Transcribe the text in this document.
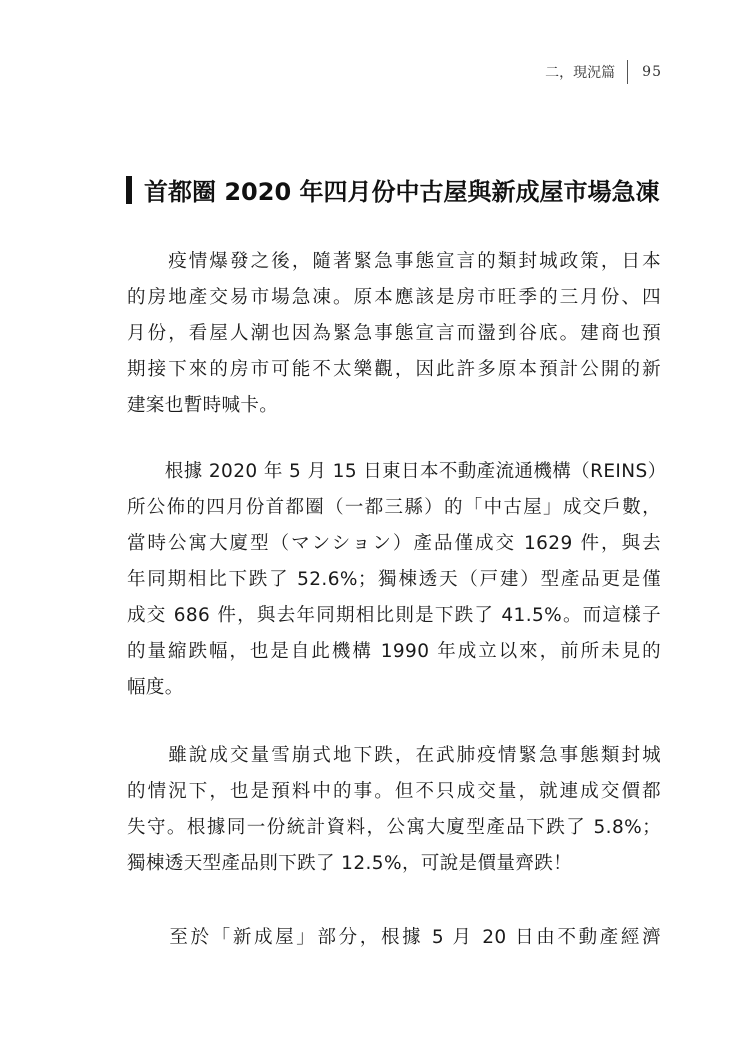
二，現況篇 95
首都圈 2020 年四月份中古屋與新成屋市場急凍
　　疫情爆發之後，隨著緊急事態宣言的類封城政策，日本
的房地產交易市場急凍。原本應該是房市旺季的三月份、四
月份，看屋人潮也因為緊急事態宣言而盪到谷底。建商也預
期接下來的房市可能不太樂觀，因此許多原本預計公開的新
建案也暫時喊卡。
　　根據 2020 年 5 月 15 日東日本不動產流通機構（REINS）
所公佈的四月份首都圈（一都三縣）的「中古屋」成交戶數，
當時公寓大廈型（マンション）產品僅成交 1629 件，與去
年同期相比下跌了 52.6%；獨棟透天（戸建）型產品更是僅
成交 686 件，與去年同期相比則是下跌了 41.5%。而這樣子
的量縮跌幅，也是自此機構 1990 年成立以來，前所未見的
幅度。
　　雖說成交量雪崩式地下跌，在武肺疫情緊急事態類封城
的情況下，也是預料中的事。但不只成交量，就連成交價都
失守。根據同一份統計資料，公寓大廈型產品下跌了 5.8%；
獨棟透天型產品則下跌了 12.5%，可說是價量齊跌！
　　至於「新成屋」部分，根據 5 月 20 日由不動產經濟
